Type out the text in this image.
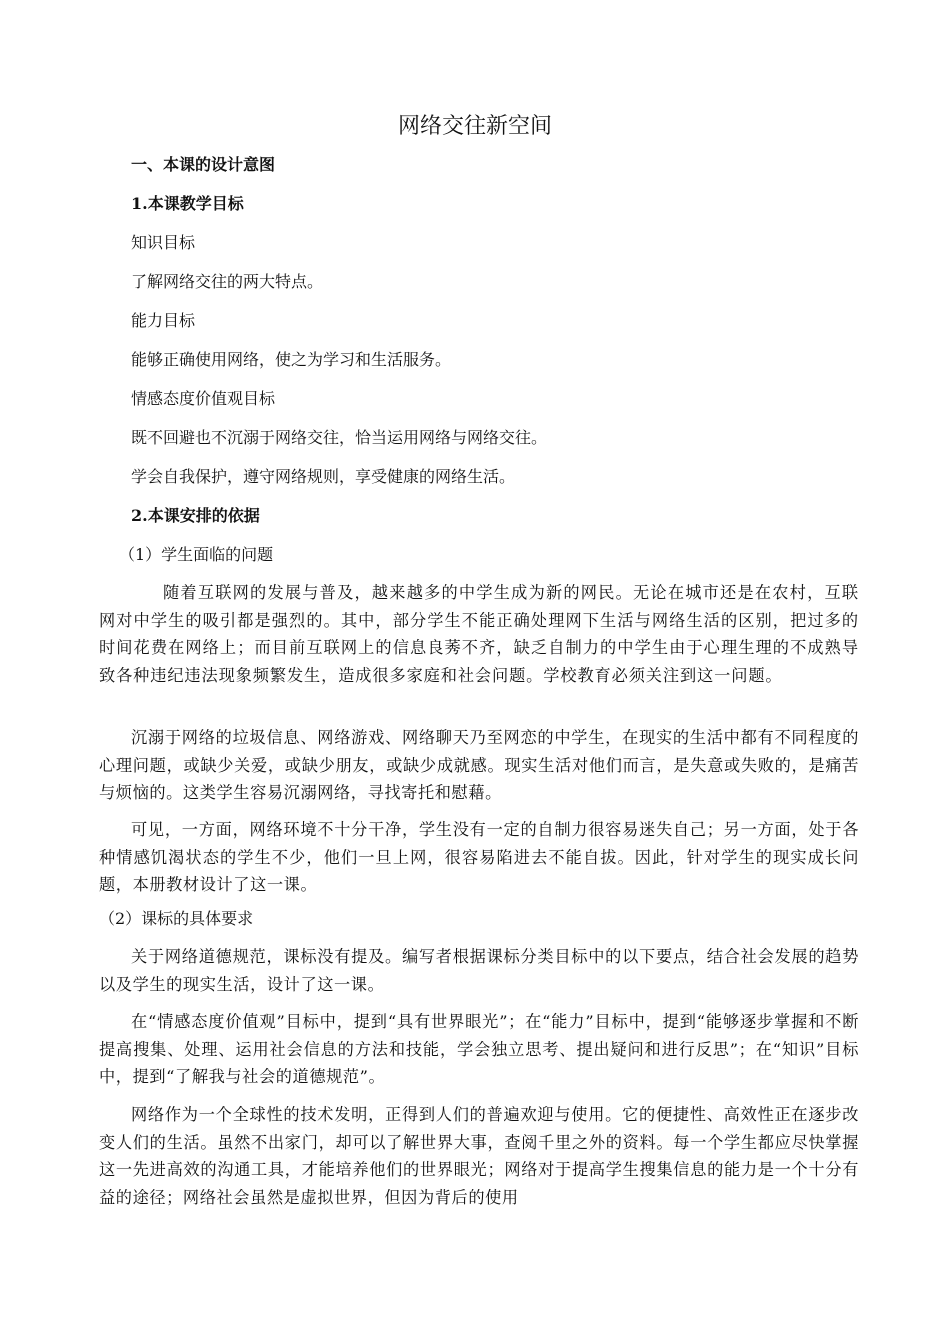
网络交往新空间
一、本课的设计意图
1.本课教学目标
知识目标
了解网络交往的两大特点。
能力目标
能够正确使用网络，使之为学习和生活服务。
情感态度价值观目标
既不回避也不沉溺于网络交往，恰当运用网络与网络交往。
学会自我保护，遵守网络规则，享受健康的网络生活。
2.本课安排的依据
（1）学生面临的问题
随着互联网的发展与普及，越来越多的中学生成为新的网民。无论在城市还是在农村，互联网对中学生的吸引都是强烈的。其中，部分学生不能正确处理网下生活与网络生活的区别，把过多的时间花费在网络上；而目前互联网上的信息良莠不齐，缺乏自制力的中学生由于心理生理的不成熟导致各种违纪违法现象频繁发生，造成很多家庭和社会问题。学校教育必须关注到这一问题。
沉溺于网络的垃圾信息、网络游戏、网络聊天乃至网恋的中学生，在现实的生活中都有不同程度的心理问题，或缺少关爱，或缺少朋友，或缺少成就感。现实生活对他们而言，是失意或失败的，是痛苦与烦恼的。这类学生容易沉溺网络，寻找寄托和慰藉。
可见，一方面，网络环境不十分干净，学生没有一定的自制力很容易迷失自己；另一方面，处于各种情感饥渴状态的学生不少，他们一旦上网，很容易陷进去不能自拔。因此，针对学生的现实成长问题，本册教材设计了这一课。
（2）课标的具体要求
关于网络道德规范，课标没有提及。编写者根据课标分类目标中的以下要点，结合社会发展的趋势以及学生的现实生活，设计了这一课。
在“情感态度价值观”目标中，提到“具有世界眼光”；在“能力”目标中，提到“能够逐步掌握和不断提高搜集、处理、运用社会信息的方法和技能，学会独立思考、提出疑问和进行反思”；在“知识”目标中，提到“了解我与社会的道德规范”。
网络作为一个全球性的技术发明，正得到人们的普遍欢迎与使用。它的便捷性、高效性正在逐步改变人们的生活。虽然不出家门，却可以了解世界大事，查阅千里之外的资料。每一个学生都应尽快掌握这一先进高效的沟通工具，才能培养他们的世界眼光；网络对于提高学生搜集信息的能力是一个十分有益的途径；网络社会虽然是虚拟世界，但因为背后的使用
